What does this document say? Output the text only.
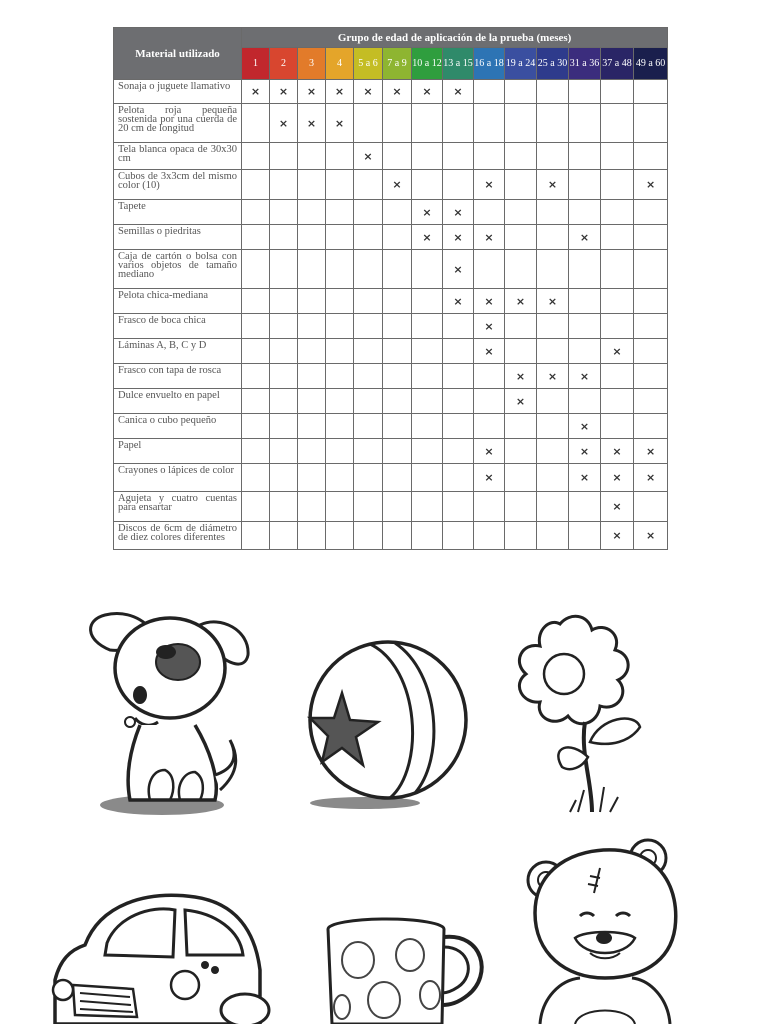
Material utilizado	Grupo de edad de aplicación de la prueba (meses)													
	1	2	3	4	5 a 6	7 a 9	10 a 12	13 a 15	16 a 18	19 a 24	25 a 30	31 a 36	37 a 48	49 a 60
Sonaja o juguete llamativo	×	×	×	×	×	×	×	×						
Pelota roja pequeña sostenida por una cuerda de 20 cm de longitud		×	×	×										
Tela blanca opaca de 30x30 cm					×									
Cubos de 3x3cm del mismo color (10)						×			×		×			×
Tapete							×	×						
Semillas o piedritas							×	×	×			×		
Caja de cartón o bolsa con varios objetos de tamaño mediano								×						
Pelota chica-mediana								×	×	×	×			
Frasco de boca chica									×					
Láminas A, B, C y D									×				×	
Frasco con tapa de rosca										×	×	×		
Dulce envuelto en papel										×				
Canica o cubo pequeño												×		
Papel									×			×	×	×
Crayones o lápices de color									×			×	×	×
Agujeta y cuatro cuentas para ensartar													×	
Discos de 6cm de diámetro de diez colores diferentes													×	×
